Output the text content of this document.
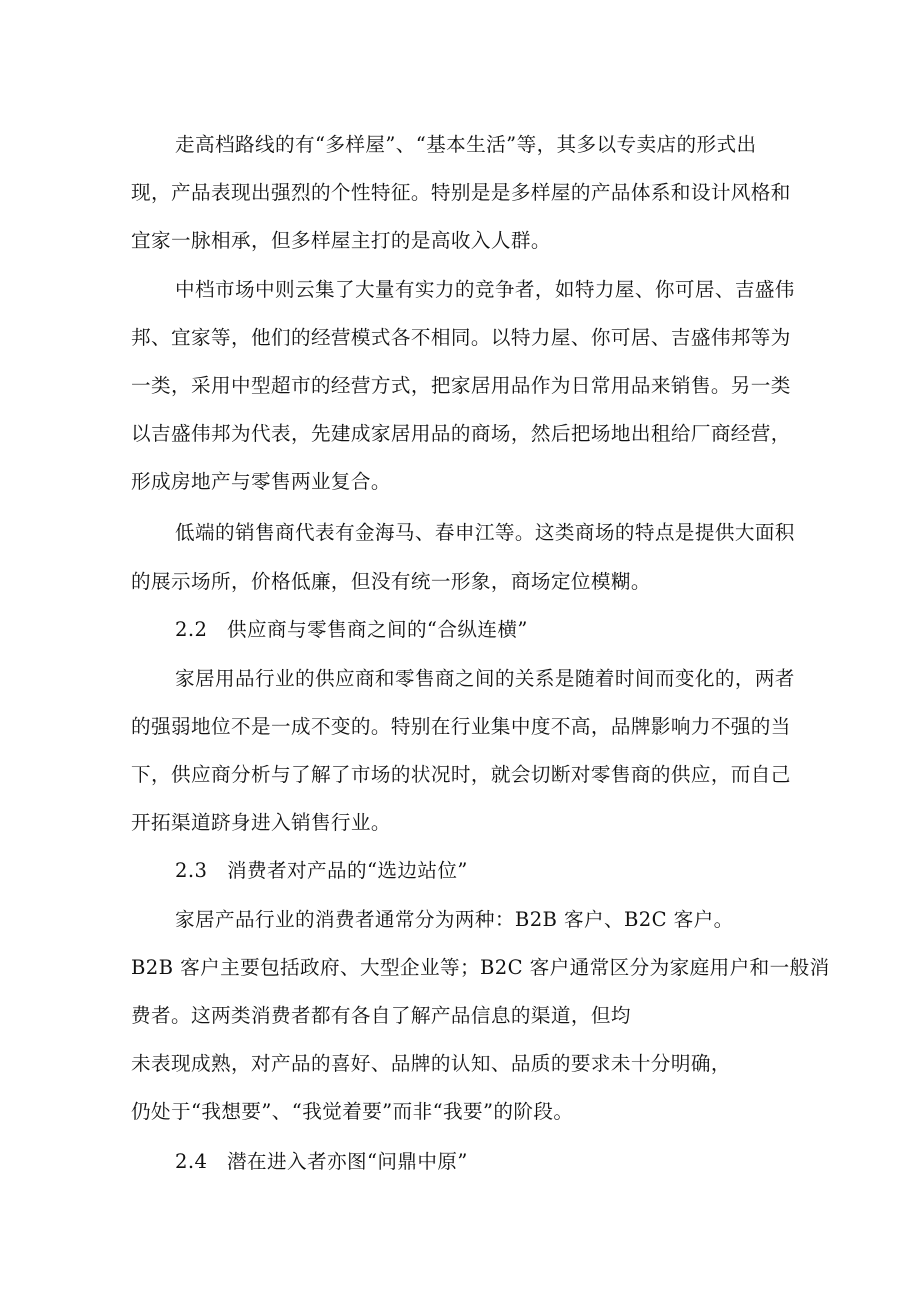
走高档路线的有“多样屋”、“基本生活”等，其多以专卖店的形式出
现，产品表现出强烈的个性特征。特别是是多样屋的产品体系和设计风格和
宜家一脉相承，但多样屋主打的是高收入人群。
中档市场中则云集了大量有实力的竞争者，如特力屋、你可居、吉盛伟
邦、宜家等，他们的经营模式各不相同。以特力屋、你可居、吉盛伟邦等为
一类，采用中型超市的经营方式，把家居用品作为日常用品来销售。另一类
以吉盛伟邦为代表，先建成家居用品的商场，然后把场地出租给厂商经营，
形成房地产与零售两业复合。
低端的销售商代表有金海马、春申江等。这类商场的特点是提供大面积
的展示场所，价格低廉，但没有统一形象，商场定位模糊。
2.2 供应商与零售商之间的“合纵连横”
家居用品行业的供应商和零售商之间的关系是随着时间而变化的，两者
的强弱地位不是一成不变的。特别在行业集中度不高，品牌影响力不强的当
下，供应商分析与了解了市场的状况时，就会切断对零售商的供应，而自己
开拓渠道跻身进入销售行业。
2.3 消费者对产品的“选边站位”
家居产品行业的消费者通常分为两种：B2B 客户、B2C 客户。
B2B 客户主要包括政府、大型企业等；B2C 客户通常区分为家庭用户和一般消
费者。这两类消费者都有各自了解产品信息的渠道，但均
未表现成熟，对产品的喜好、品牌的认知、品质的要求未十分明确，
仍处于“我想要”、“我觉着要”而非“我要”的阶段。
2.4 潜在进入者亦图“问鼎中原”
